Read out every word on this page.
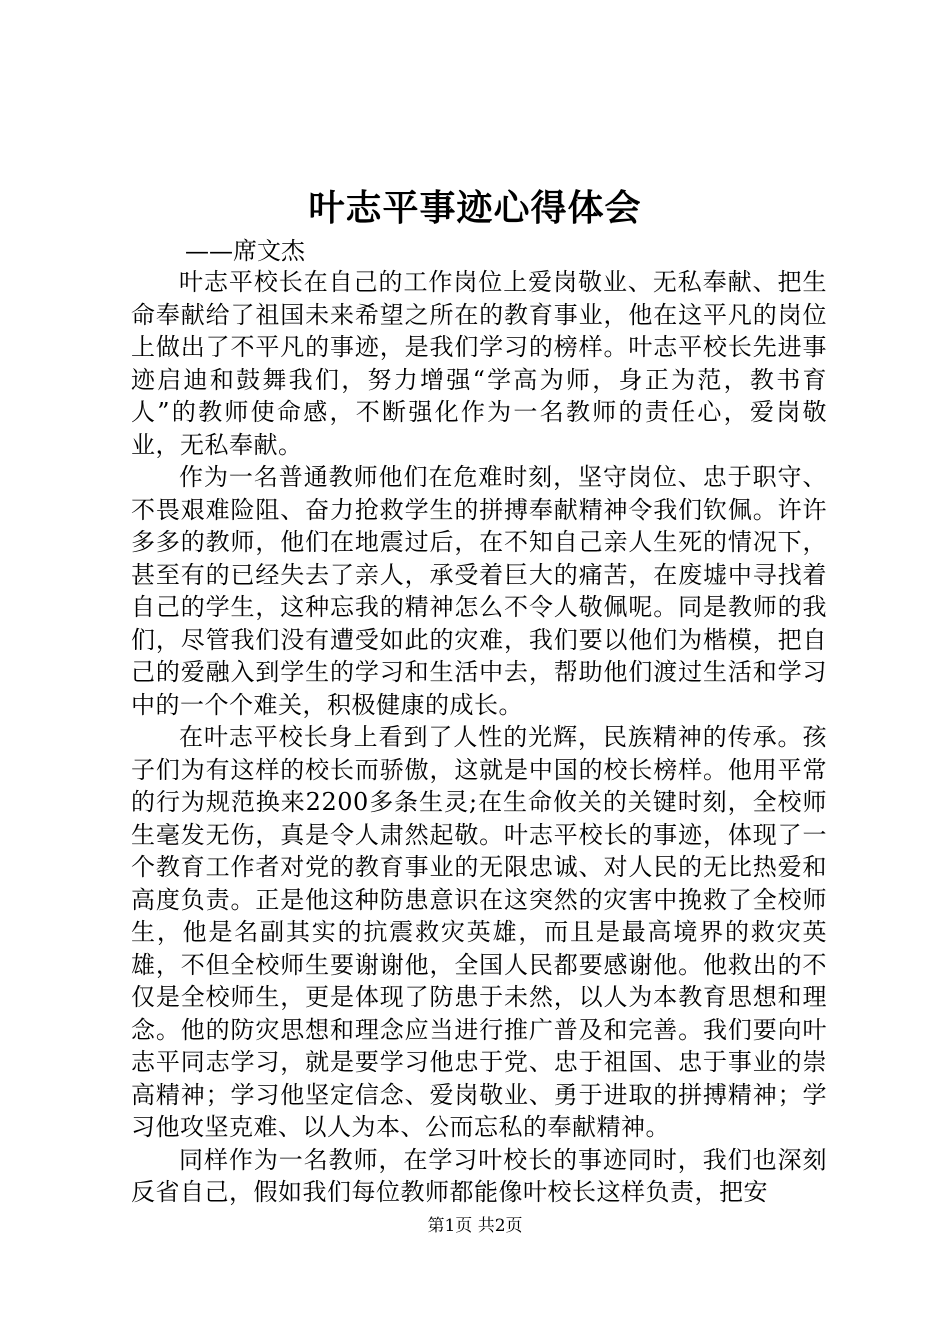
叶志平事迹心得体会
——席文杰

叶志平校长在自己的工作岗位上爱岗敬业、无私奉献、把生命奉献给了祖国未来希望之所在的教育事业，他在这平凡的岗位上做出了不平凡的事迹，是我们学习的榜样。叶志平校长先进事迹启迪和鼓舞我们，努力增强“学高为师，身正为范，教书育人”的教师使命感，不断强化作为一名教师的责任心，爱岗敬业，无私奉献。

作为一名普通教师他们在危难时刻，坚守岗位、忠于职守、不畏艰难险阻、奋力抢救学生的拼搏奉献精神令我们钦佩。许许多多的教师，他们在地震过后，在不知自己亲人生死的情况下，甚至有的已经失去了亲人，承受着巨大的痛苦，在废墟中寻找着自己的学生，这种忘我的精神怎么不令人敬佩呢。同是教师的我们，尽管我们没有遭受如此的灾难，我们要以他们为楷模，把自己的爱融入到学生的学习和生活中去，帮助他们渡过生活和学习中的一个个难关，积极健康的成长。

在叶志平校长身上看到了人性的光辉，民族精神的传承。孩子们为有这样的校长而骄傲，这就是中国的校长榜样。他用平常的行为规范换来2200多条生灵;在生命攸关的关键时刻，全校师生毫发无伤，真是令人肃然起敬。叶志平校长的事迹，体现了一个教育工作者对党的教育事业的无限忠诚、对人民的无比热爱和高度负责。正是他这种防患意识在这突然的灾害中挽救了全校师生，他是名副其实的抗震救灾英雄，而且是最高境界的救灾英雄，不但全校师生要谢谢他，全国人民都要感谢他。他救出的不仅是全校师生，更是体现了防患于未然，以人为本教育思想和理念。他的防灾思想和理念应当进行推广普及和完善。我们要向叶志平同志学习，就是要学习他忠于党、忠于祖国、忠于事业的崇高精神；学习他坚定信念、爱岗敬业、勇于进取的拼搏精神；学习他攻坚克难、以人为本、公而忘私的奉献精神。

同样作为一名教师，在学习叶校长的事迹同时，我们也深刻反省自己，假如我们每位教师都能像叶校长这样负责，把安

第1页 共2页
